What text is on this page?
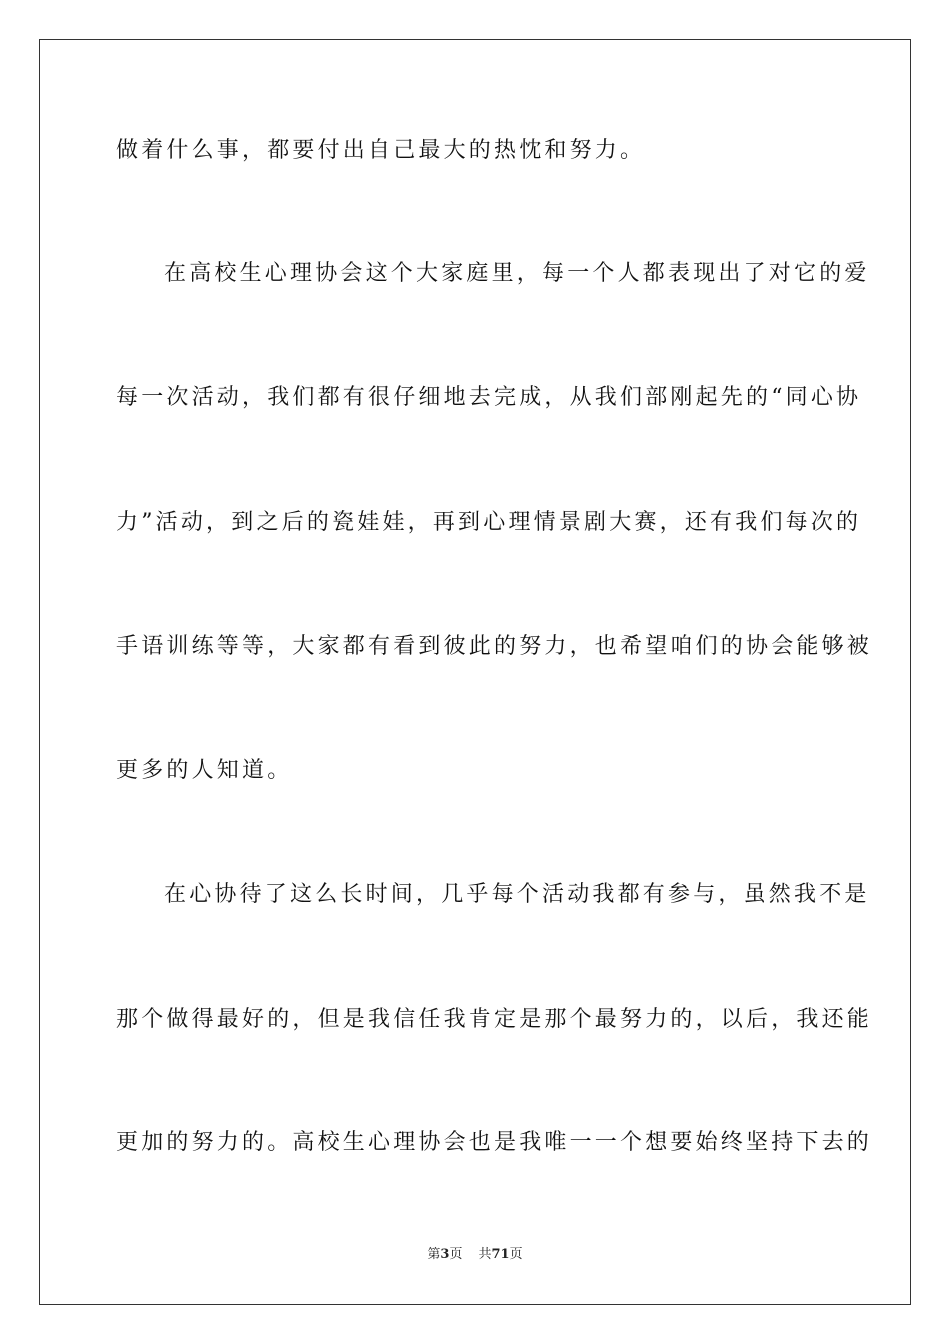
做着什么事，都要付出自己最大的热忱和努力。
在高校生心理协会这个大家庭里，每一个人都表现出了对它的爱
每一次活动，我们都有很仔细地去完成，从我们部刚起先的“同心协
力”活动，到之后的瓷娃娃，再到心理情景剧大赛，还有我们每次的
手语训练等等，大家都有看到彼此的努力，也希望咱们的协会能够被
更多的人知道。
在心协待了这么长时间，几乎每个活动我都有参与，虽然我不是
那个做得最好的，但是我信任我肯定是那个最努力的，以后，我还能
更加的努力的。高校生心理协会也是我唯一一个想要始终坚持下去的
第3页 共71页
